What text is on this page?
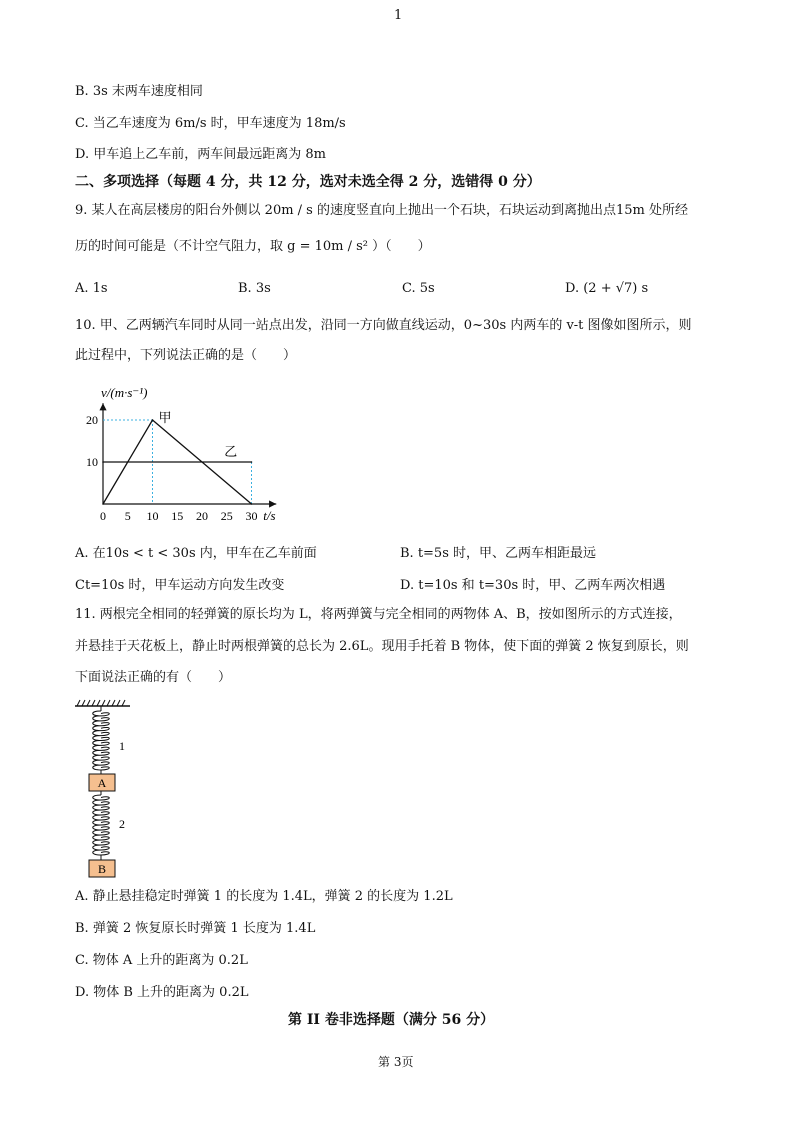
1
B. 3s 末两车速度相同
C. 当乙车速度为 6m/s 时，甲车速度为 18m/s
D. 甲车追上乙车前，两车间最远距离为 8m
二、多项选择（每题 4 分，共 12 分，选对未选全得 2 分，选错得 0 分）
9. 某人在高层楼房的阳台外侧以 20m / s 的速度竖直向上抛出一个石块，石块运动到离抛出点15m 处所经
历的时间可能是（不计空气阻力，取 g = 10m / s² ）（　　）
A. 1s	B. 3s	C. 5s	D. (2 + √7) s
10. 甲、乙两辆汽车同时从同一站点出发，沿同一方向做直线运动，0~30s 内两车的 v-t 图像如图所示，则
此过程中，下列说法正确的是（　　）
v/(m·s⁻¹)
t/s
0 5 10 15 20 25 30
10
20	甲
乙
A. 在10s < t < 30s 内，甲车在乙车前面	B. t=5s 时，甲、乙两车相距最远
Ct=10s 时，甲车运动方向发生改变	D. t=10s 和 t=30s 时，甲、乙两车两次相遇
11. 两根完全相同的轻弹簧的原长均为 L，将两弹簧与完全相同的两物体 A、B，按如图所示的方式连接，
并悬挂于天花板上，静止时两根弹簧的总长为 2.6L。现用手托着 B 物体，使下面的弹簧 2 恢复到原长，则
下面说法正确的有（　　）
1
A
2
B
A. 静止悬挂稳定时弹簧 1 的长度为 1.4L，弹簧 2 的长度为 1.2L
B. 弹簧 2 恢复原长时弹簧 1 长度为 1.4L
C. 物体 A 上升的距离为 0.2L
D. 物体 B 上升的距离为 0.2L
第 II 卷非选择题（满分 56 分）
第 3页
